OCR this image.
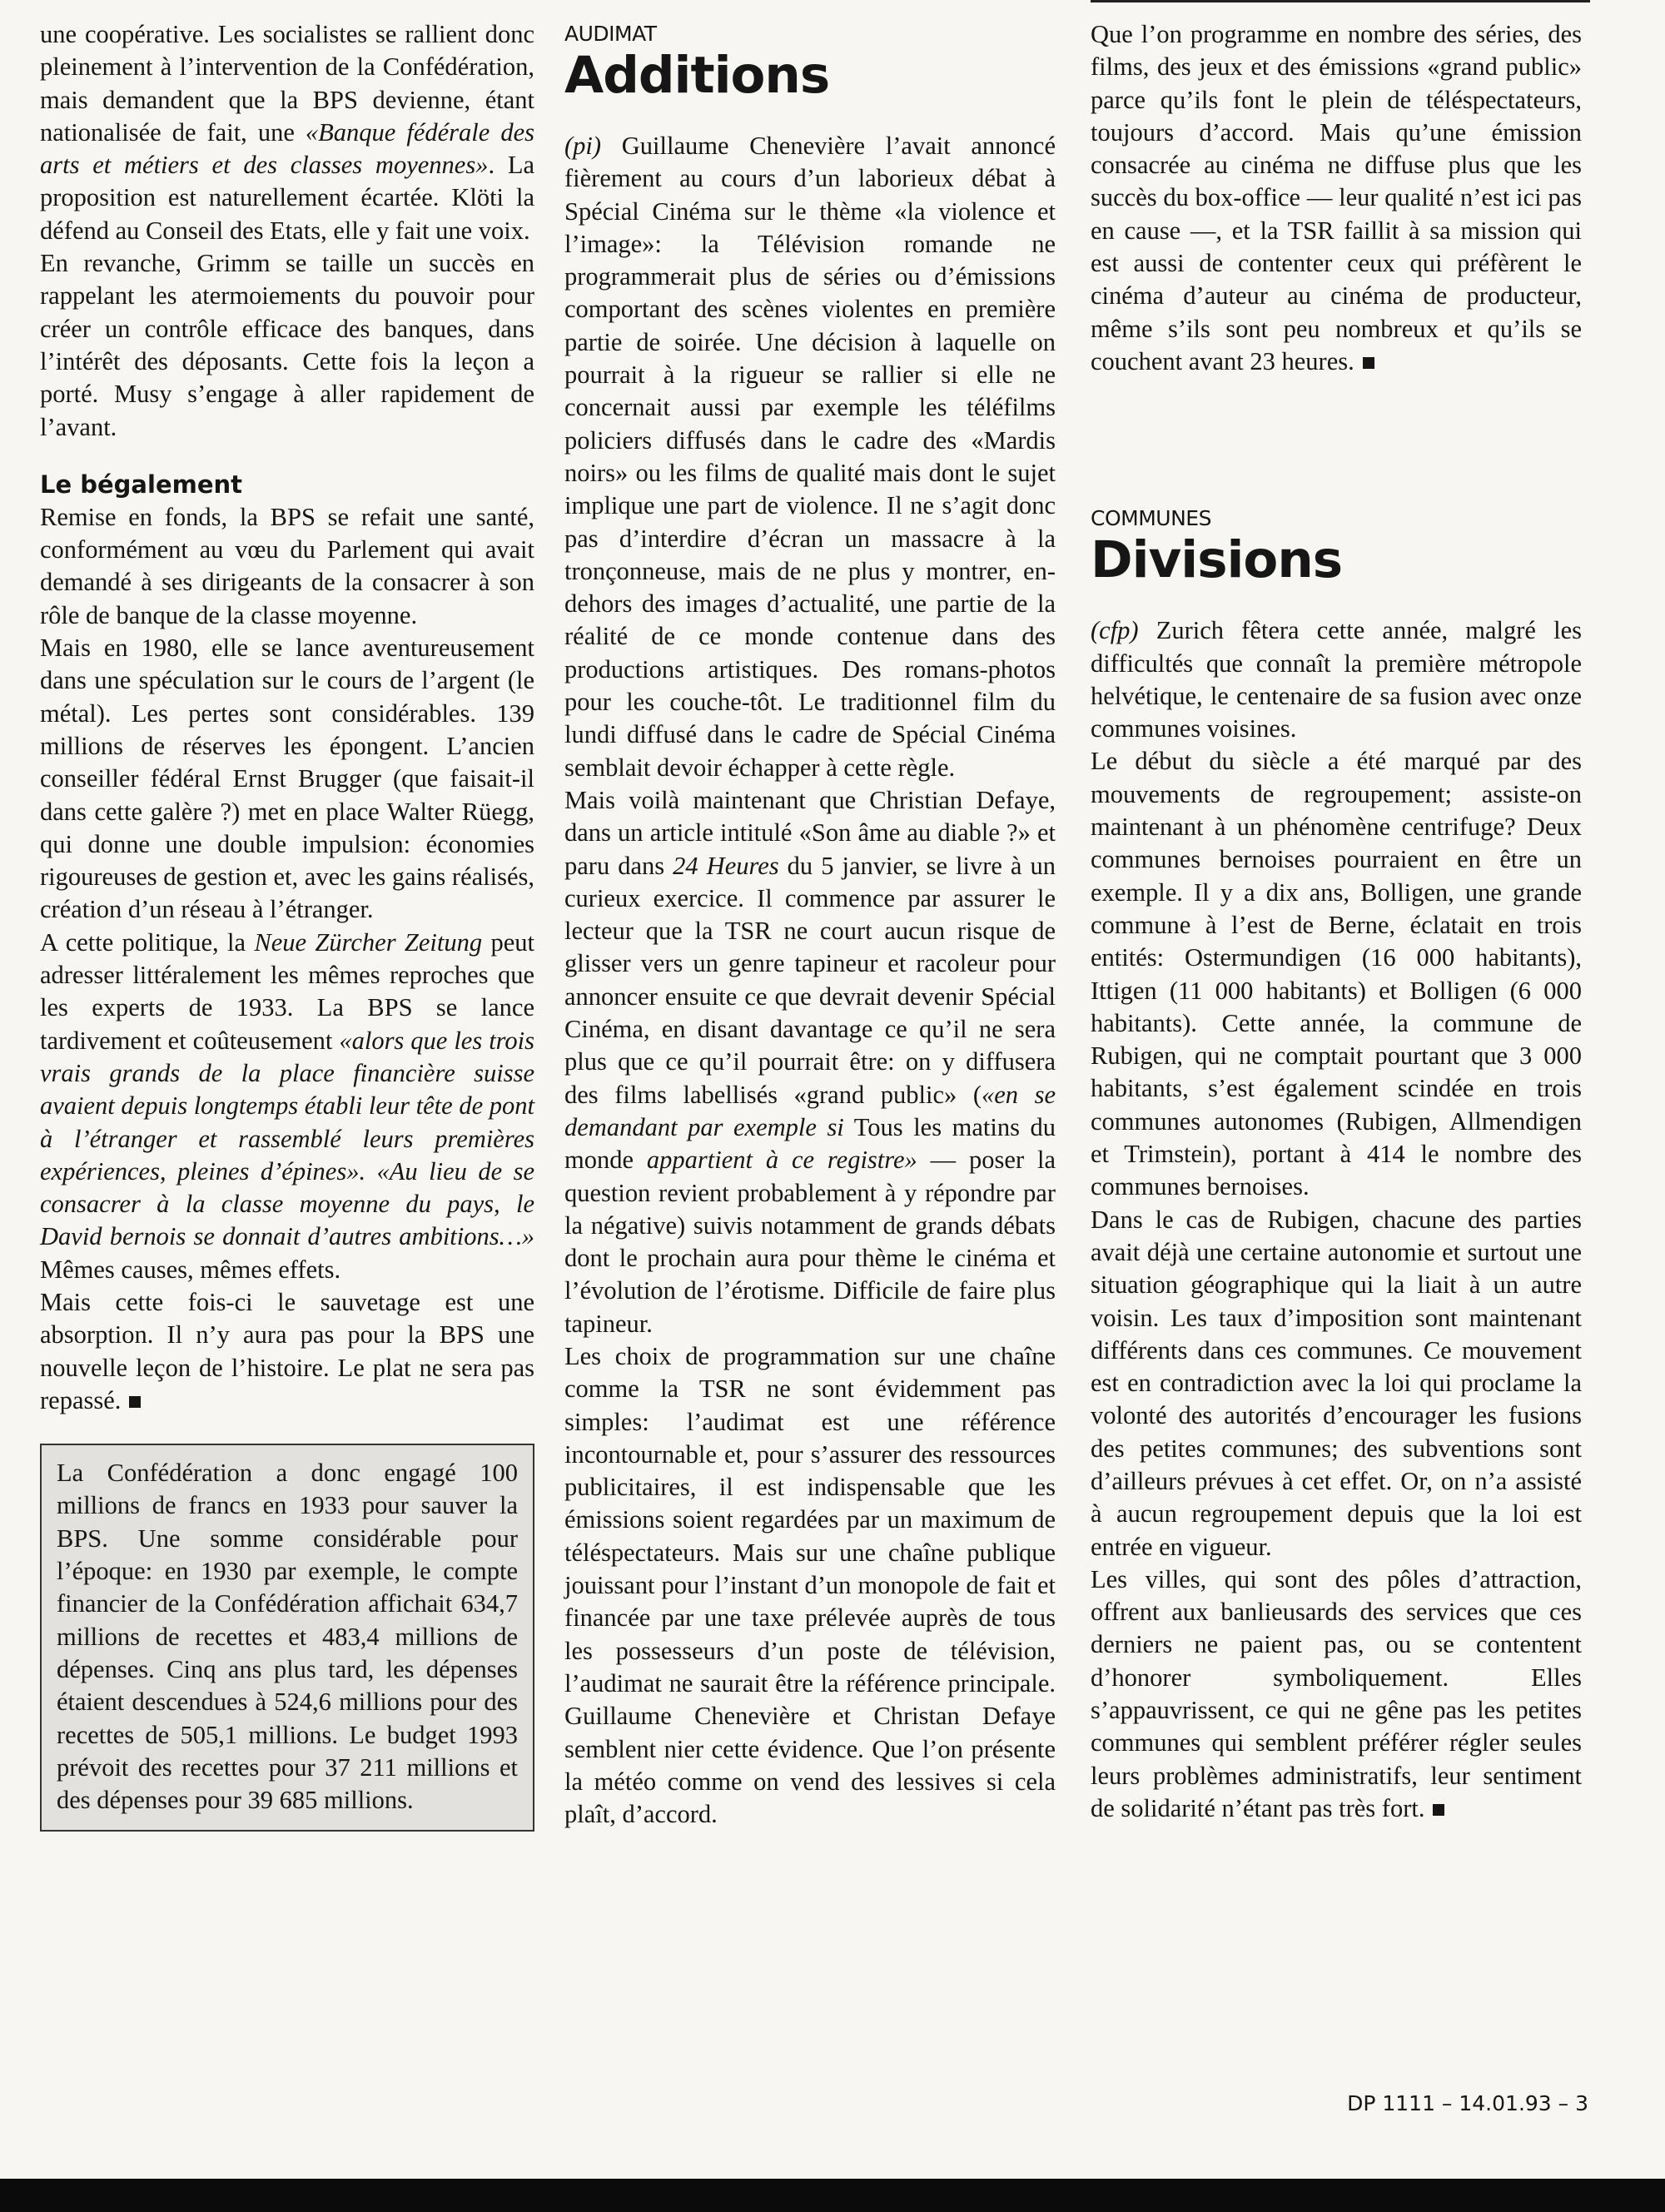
une coopérative. Les socialistes se rallient donc pleinement à l’intervention de la Confédération, mais demandent que la BPS devienne, étant nationalisée de fait, une «Banque fédérale des arts et métiers et des classes moyennes». La proposition est naturellement écartée. Klöti la défend au Conseil des Etats, elle y fait une voix.

En revanche, Grimm se taille un succès en rappelant les atermoiements du pouvoir pour créer un contrôle efficace des banques, dans l’intérêt des déposants. Cette fois la leçon a porté. Musy s’engage à aller rapidement de l’avant.

Le bégalement

Remise en fonds, la BPS se refait une santé, conformément au vœu du Parlement qui avait demandé à ses dirigeants de la consacrer à son rôle de banque de la classe moyenne.

Mais en 1980, elle se lance aventureusement dans une spéculation sur le cours de l’argent (le métal). Les pertes sont considérables. 139 millions de réserves les épongent. L’ancien conseiller fédéral Ernst Brugger (que faisait-il dans cette galère ?) met en place Walter Rüegg, qui donne une double impulsion: économies rigoureuses de gestion et, avec les gains réalisés, création d’un réseau à l’étranger.

A cette politique, la Neue Zürcher Zeitung peut adresser littéralement les mêmes reproches que les experts de 1933. La BPS se lance tardivement et coûteusement «alors que les trois vrais grands de la place financière suisse avaient depuis longtemps établi leur tête de pont à l’étranger et rassemblé leurs premières expériences, pleines d’épines». «Au lieu de se consacrer à la classe moyenne du pays, le David bernois se donnait d’autres ambitions…» Mêmes causes, mêmes effets.

Mais cette fois-ci le sauvetage est une absorption. Il n’y aura pas pour la BPS une nouvelle leçon de l’histoire. Le plat ne sera pas repassé.

La Confédération a donc engagé 100 millions de francs en 1933 pour sauver la BPS. Une somme considérable pour l’époque: en 1930 par exemple, le compte financier de la Confédération affichait 634,7 millions de recettes et 483,4 millions de dépenses. Cinq ans plus tard, les dépenses étaient descendues à 524,6 millions pour des recettes de 505,1 millions. Le budget 1993 prévoit des recettes pour 37 211 millions et des dépenses pour 39 685 millions.
AUDIMAT
Additions

(pi) Guillaume Chenevière l’avait annoncé fièrement au cours d’un laborieux débat à Spécial Cinéma sur le thème «la violence et l’image»: la Télévision romande ne programmerait plus de séries ou d’émissions comportant des scènes violentes en première partie de soirée. Une décision à laquelle on pourrait à la rigueur se rallier si elle ne concernait aussi par exemple les téléfilms policiers diffusés dans le cadre des «Mardis noirs» ou les films de qualité mais dont le sujet implique une part de violence. Il ne s’agit donc pas d’interdire d’écran un massacre à la tronçonneuse, mais de ne plus y montrer, en-dehors des images d’actualité, une partie de la réalité de ce monde contenue dans des productions artistiques. Des romans-photos pour les couche-tôt. Le traditionnel film du lundi diffusé dans le cadre de Spécial Cinéma semblait devoir échapper à cette règle.

Mais voilà maintenant que Christian Defaye, dans un article intitulé «Son âme au diable ?» et paru dans 24 Heures du 5 janvier, se livre à un curieux exercice. Il commence par assurer le lecteur que la TSR ne court aucun risque de glisser vers un genre tapineur et racoleur pour annoncer ensuite ce que devrait devenir Spécial Cinéma, en disant davantage ce qu’il ne sera plus que ce qu’il pourrait être: on y diffusera des films labellisés «grand public» («en se demandant par exemple si Tous les matins du monde appartient à ce registre» — poser la question revient probablement à y répondre par la négative) suivis notamment de grands débats dont le prochain aura pour thème le cinéma et l’évolution de l’érotisme. Difficile de faire plus tapineur.

Les choix de programmation sur une chaîne comme la TSR ne sont évidemment pas simples: l’audimat est une référence incontournable et, pour s’assurer des ressources publicitaires, il est indispensable que les émissions soient regardées par un maximum de téléspectateurs. Mais sur une chaîne publique jouissant pour l’instant d’un monopole de fait et financée par une taxe prélevée auprès de tous les possesseurs d’un poste de télévision, l’audimat ne saurait être la référence principale. Guillaume Chenevière et Christan Defaye semblent nier cette évidence. Que l’on présente la météo comme on vend des lessives si cela plaît, d’accord.

Que l’on programme en nombre des séries, des films, des jeux et des émissions «grand public» parce qu’ils font le plein de téléspectateurs, toujours d’accord. Mais qu’une émission consacrée au cinéma ne diffuse plus que les succès du box-office — leur qualité n’est ici pas en cause —, et la TSR faillit à sa mission qui est aussi de contenter ceux qui préfèrent le cinéma d’auteur au cinéma de producteur, même s’ils sont peu nombreux et qu’ils se couchent avant 23 heures.

COMMUNES
Divisions

(cfp) Zurich fêtera cette année, malgré les difficultés que connaît la première métropole helvétique, le centenaire de sa fusion avec onze communes voisines.

Le début du siècle a été marqué par des mouvements de regroupement; assiste-on maintenant à un phénomène centrifuge? Deux communes bernoises pourraient en être un exemple. Il y a dix ans, Bolligen, une grande commune à l’est de Berne, éclatait en trois entités: Ostermundigen (16 000 habitants), Ittigen (11 000 habitants) et Bolligen (6 000 habitants). Cette année, la commune de Rubigen, qui ne comptait pourtant que 3 000 habitants, s’est également scindée en trois communes autonomes (Rubigen, Allmendigen et Trimstein), portant à 414 le nombre des communes bernoises.

Dans le cas de Rubigen, chacune des parties avait déjà une certaine autonomie et surtout une situation géographique qui la liait à un autre voisin. Les taux d’imposition sont maintenant différents dans ces communes. Ce mouvement est en contradiction avec la loi qui proclame la volonté des autorités d’encourager les fusions des petites communes; des subventions sont d’ailleurs prévues à cet effet. Or, on n’a assisté à aucun regroupement depuis que la loi est entrée en vigueur.

Les villes, qui sont des pôles d’attraction, offrent aux banlieusards des services que ces derniers ne paient pas, ou se contentent d’honorer symboliquement. Elles s’appauvrissent, ce qui ne gêne pas les petites communes qui semblent préférer régler seules leurs problèmes administratifs, leur sentiment de solidarité n’étant pas très fort.

DP 1111 – 14.01.93 – 3
